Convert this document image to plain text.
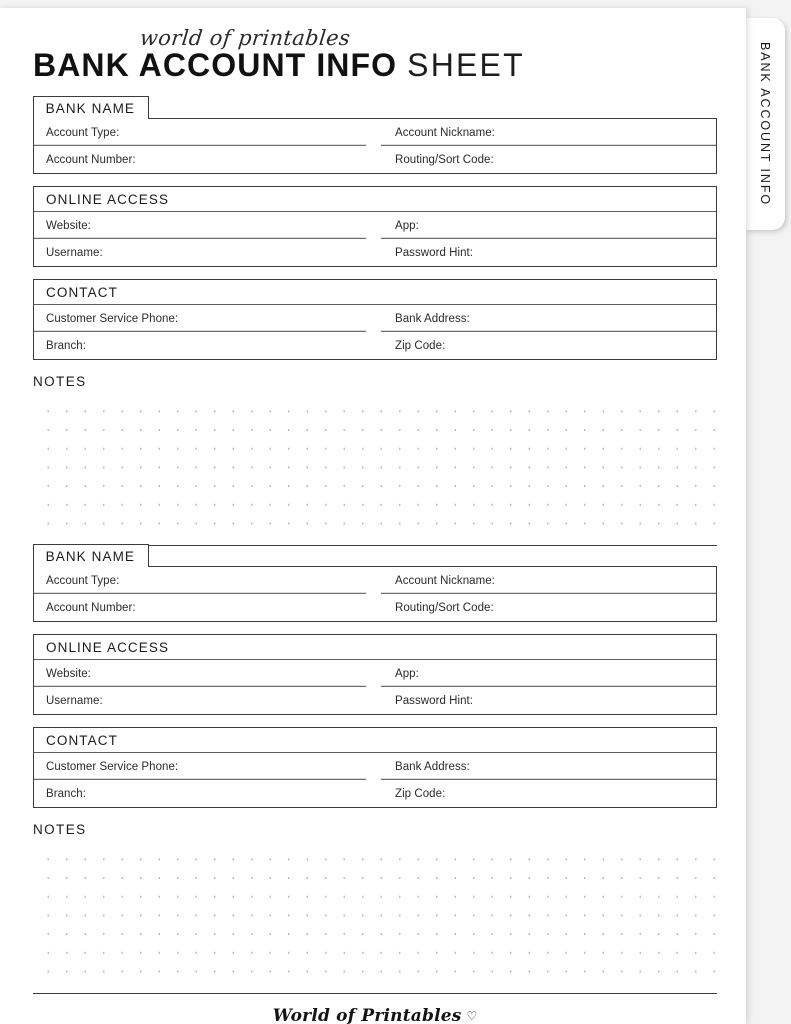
BANK ACCOUNT INFO
world of printables
BANK ACCOUNT INFO SHEET
BANK NAME
Account Type:	Account Nickname:
Account Number:	Routing/Sort Code:
ONLINE ACCESS
Website:	App:
Username:	Password Hint:
CONTACT
Customer Service Phone:	Bank Address:
Branch:	Zip Code:
NOTES
BANK NAME
Account Type:	Account Nickname:
Account Number:	Routing/Sort Code:
ONLINE ACCESS
Website:	App:
Username:	Password Hint:
CONTACT
Customer Service Phone:	Bank Address:
Branch:	Zip Code:
NOTES
World of Printables ♡
